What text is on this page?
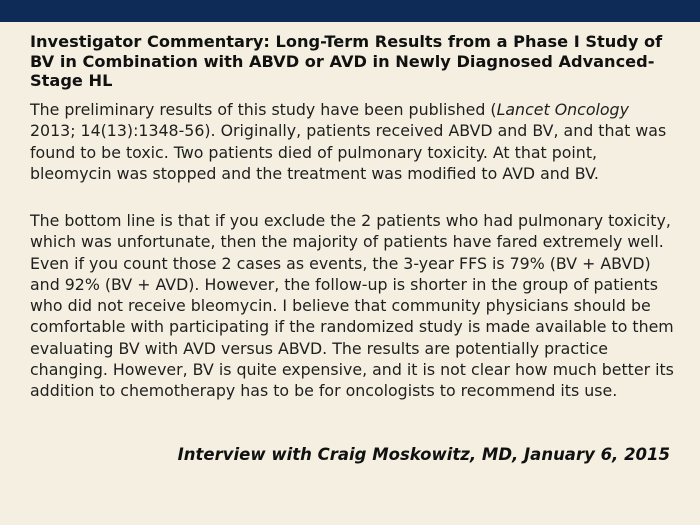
Investigator Commentary: Long-Term Results from a Phase I Study of BV in Combination with ABVD or AVD in Newly Diagnosed Advanced-Stage HL

The preliminary results of this study have been published (Lancet Oncology 2013; 14(13):1348-56). Originally, patients received ABVD and BV, and that was found to be toxic. Two patients died of pulmonary toxicity. At that point, bleomycin was stopped and the treatment was modified to AVD and BV.

The bottom line is that if you exclude the 2 patients who had pulmonary toxicity, which was unfortunate, then the majority of patients have fared extremely well. Even if you count those 2 cases as events, the 3-year FFS is 79% (BV + ABVD) and 92% (BV + AVD). However, the follow-up is shorter in the group of patients who did not receive bleomycin. I believe that community physicians should be comfortable with participating if the randomized study is made available to them evaluating BV with AVD versus ABVD. The results are potentially practice changing. However, BV is quite expensive, and it is not clear how much better its addition to chemotherapy has to be for oncologists to recommend its use.

Interview with Craig Moskowitz, MD, January 6, 2015
